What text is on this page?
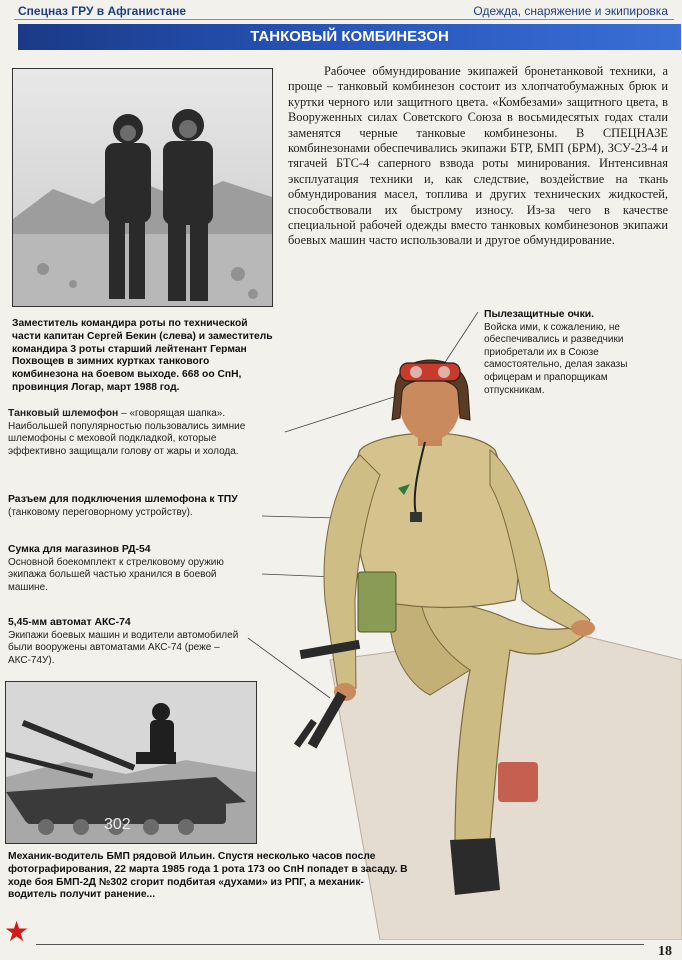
Спецназ ГРУ в Афганистане	Одежда, снаряжение и экипировка
ТАНКОВЫЙ КОМБИНЕЗОН
Заместитель командира роты по технической части капитан Сергей Бекин (слева) и заместитель командира 3 роты старший лейтенант Герман Похвощев в зимних куртках танкового комбинезона на боевом выходе. 668 оо СпН, провинция Логар, март 1988 год.
Рабочее обмундирование экипажей бронетанковой техники, а проще – танковый комбинезон состоит из хлопчатобумажных брюк и куртки черного или защитного цвета. «Комбезами» защитного цвета, в Вооруженных силах Советского Союза в восьмидесятых годах стали заменятся черные танковые комбинезоны. В СПЕЦНАЗЕ комбинезонами обеспечивались экипажи БТР, БМП (БРМ), ЗСУ-23-4 и тягачей БТС-4 саперного взвода роты минирования. Интенсивная эксплуатация техники и, как следствие, воздействие на ткань обмундирования масел, топлива и других технических жидкостей, способствовали их быстрому износу. Из-за чего в качестве специальной рабочей одежды вместо танковых комбинезонов экипажи боевых машин часто использовали и другое обмундирование.
Пылезащитные очки.
Войска ими, к сожалению, не обеспечивались и разведчики приобретали их в Союзе самостоятельно, делая заказы офицерам и прапорщикам отпускникам.
Танковый шлемофон – «говорящая шапка».
Наибольшей популярностью пользовались зимние шлемофоны с меховой подкладкой, которые эффективно защищали голову от жары и холода.
Разъем для подключения шлемофона к ТПУ
(танковому переговорному устройству).
Сумка для магазинов РД-54
Основной боекомплект к стрелковому оружию экипажа большей частью хранился в боевой машине.
5,45-мм автомат АКС-74
Экипажи боевых машин и водители автомобилей были вооружены автоматами АКС-74 (реже – АКС-74У).
302
Механик-водитель БМП рядовой Ильин. Спустя несколько часов после фотографирования, 22 марта 1985 года 1 рота 173 оо СпН попадет в засаду. В ходе боя БМП-2Д №302 сгорит подбитая «духами» из РПГ, а механик-водитель получит ранение...
★
18
